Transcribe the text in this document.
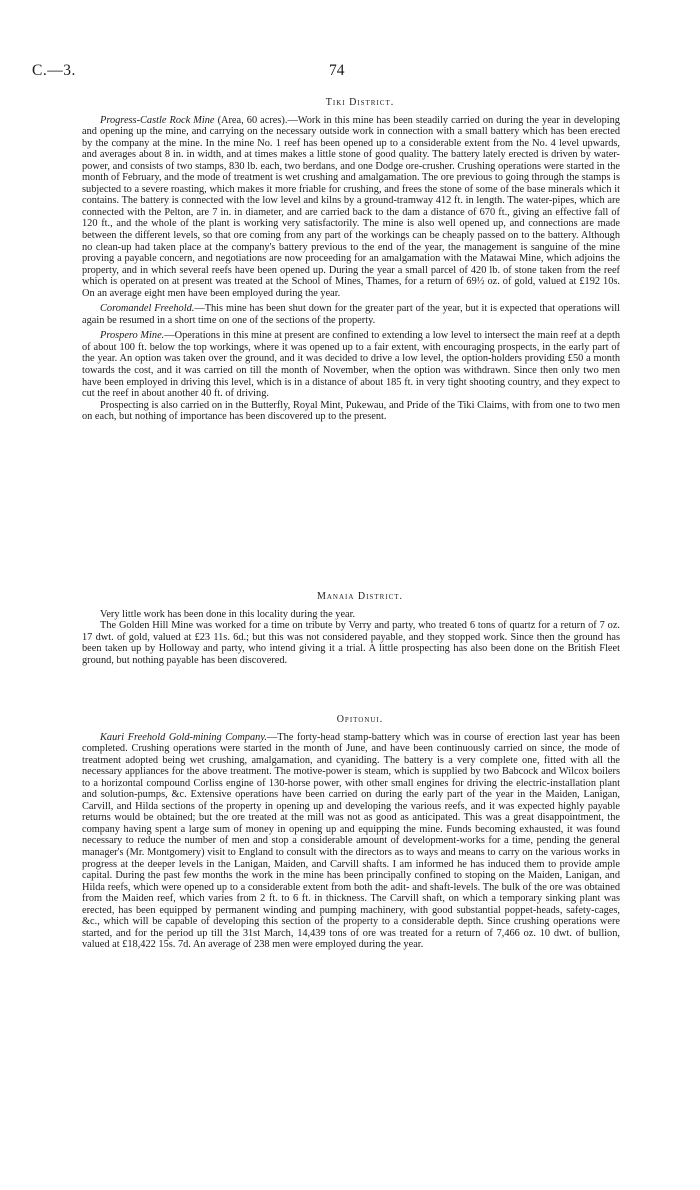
C.—3.	74

Tiki District.

Progress-Castle Rock Mine (Area, 60 acres).—Work in this mine has been steadily carried on during the year in developing and opening up the mine, and carrying on the necessary outside work in connection with a small battery which has been erected by the company at the mine. In the mine No. 1 reef has been opened up to a considerable extent from the No. 4 level upwards, and averages about 8 in. in width, and at times makes a little stone of good quality. The battery lately erected is driven by water-power, and consists of two stamps, 830 lb. each, two berdans, and one Dodge ore-crusher. Crushing operations were started in the month of February, and the mode of treatment is wet crushing and amalgamation. The ore previous to going through the stamps is subjected to a severe roasting, which makes it more friable for crushing, and frees the stone of some of the base minerals which it contains. The battery is connected with the low level and kilns by a ground-tramway 412 ft. in length. The water-pipes, which are connected with the Pelton, are 7 in. in diameter, and are carried back to the dam a distance of 670 ft., giving an effective fall of 120 ft., and the whole of the plant is working very satisfactorily. The mine is also well opened up, and connections are made between the different levels, so that ore coming from any part of the workings can be cheaply passed on to the battery. Although no clean-up had taken place at the company's battery previous to the end of the year, the management is sanguine of the mine proving a payable concern, and negotiations are now proceeding for an amalgamation with the Matawai Mine, which adjoins the property, and in which several reefs have been opened up. During the year a small parcel of 420 lb. of stone taken from the reef which is operated on at present was treated at the School of Mines, Thames, for a return of 69½ oz. of gold, valued at £192 10s. On an average eight men have been employed during the year.

Coromandel Freehold.—This mine has been shut down for the greater part of the year, but it is expected that operations will again be resumed in a short time on one of the sections of the property.

Prospero Mine.—Operations in this mine at present are confined to extending a low level to intersect the main reef at a depth of about 100 ft. below the top workings, where it was opened up to a fair extent, with encouraging prospects, in the early part of the year. An option was taken over the ground, and it was decided to drive a low level, the option-holders providing £50 a month towards the cost, and it was carried on till the month of November, when the option was withdrawn. Since then only two men have been employed in driving this level, which is in a distance of about 185 ft. in very tight shooting country, and they expect to cut the reef in about another 40 ft. of driving.

Prospecting is also carried on in the Butterfly, Royal Mint, Pukewau, and Pride of the Tiki Claims, with from one to two men on each, but nothing of importance has been discovered up to the present.

Manaia District.

Very little work has been done in this locality during the year.

The Golden Hill Mine was worked for a time on tribute by Verry and party, who treated 6 tons of quartz for a return of 7 oz. 17 dwt. of gold, valued at £23 11s. 6d.; but this was not considered payable, and they stopped work. Since then the ground has been taken up by Holloway and party, who intend giving it a trial. A little prospecting has also been done on the British Fleet ground, but nothing payable has been discovered.

Opitonui.

Kauri Freehold Gold-mining Company.—The forty-head stamp-battery which was in course of erection last year has been completed. Crushing operations were started in the month of June, and have been continuously carried on since, the mode of treatment adopted being wet crushing, amalgamation, and cyaniding. The battery is a very complete one, fitted with all the necessary appliances for the above treatment. The motive-power is steam, which is supplied by two Babcock and Wilcox boilers to a horizontal compound Corliss engine of 130-horse power, with other small engines for driving the electric-installation plant and solution-pumps, &c. Extensive operations have been carried on during the early part of the year in the Maiden, Lanigan, Carvill, and Hilda sections of the property in opening up and developing the various reefs, and it was expected highly payable returns would be obtained; but the ore treated at the mill was not as good as anticipated. This was a great disappointment, the company having spent a large sum of money in opening up and equipping the mine. Funds becoming exhausted, it was found necessary to reduce the number of men and stop a considerable amount of development-works for a time, pending the general manager's (Mr. Montgomery) visit to England to consult with the directors as to ways and means to carry on the various works in progress at the deeper levels in the Lanigan, Maiden, and Carvill shafts. I am informed he has induced them to provide ample capital. During the past few months the work in the mine has been principally confined to stoping on the Maiden, Lanigan, and Hilda reefs, which were opened up to a considerable extent from both the adit- and shaft-levels. The bulk of the ore was obtained from the Maiden reef, which varies from 2 ft. to 6 ft. in thickness. The Carvill shaft, on which a temporary sinking plant was erected, has been equipped by permanent winding and pumping machinery, with good substantial poppet-heads, safety-cages, &c., which will be capable of developing this section of the property to a considerable depth. Since crushing operations were started, and for the period up till the 31st March, 14,439 tons of ore was treated for a return of 7,466 oz. 10 dwt. of bullion, valued at £18,422 15s. 7d. An average of 238 men were employed during the year.
